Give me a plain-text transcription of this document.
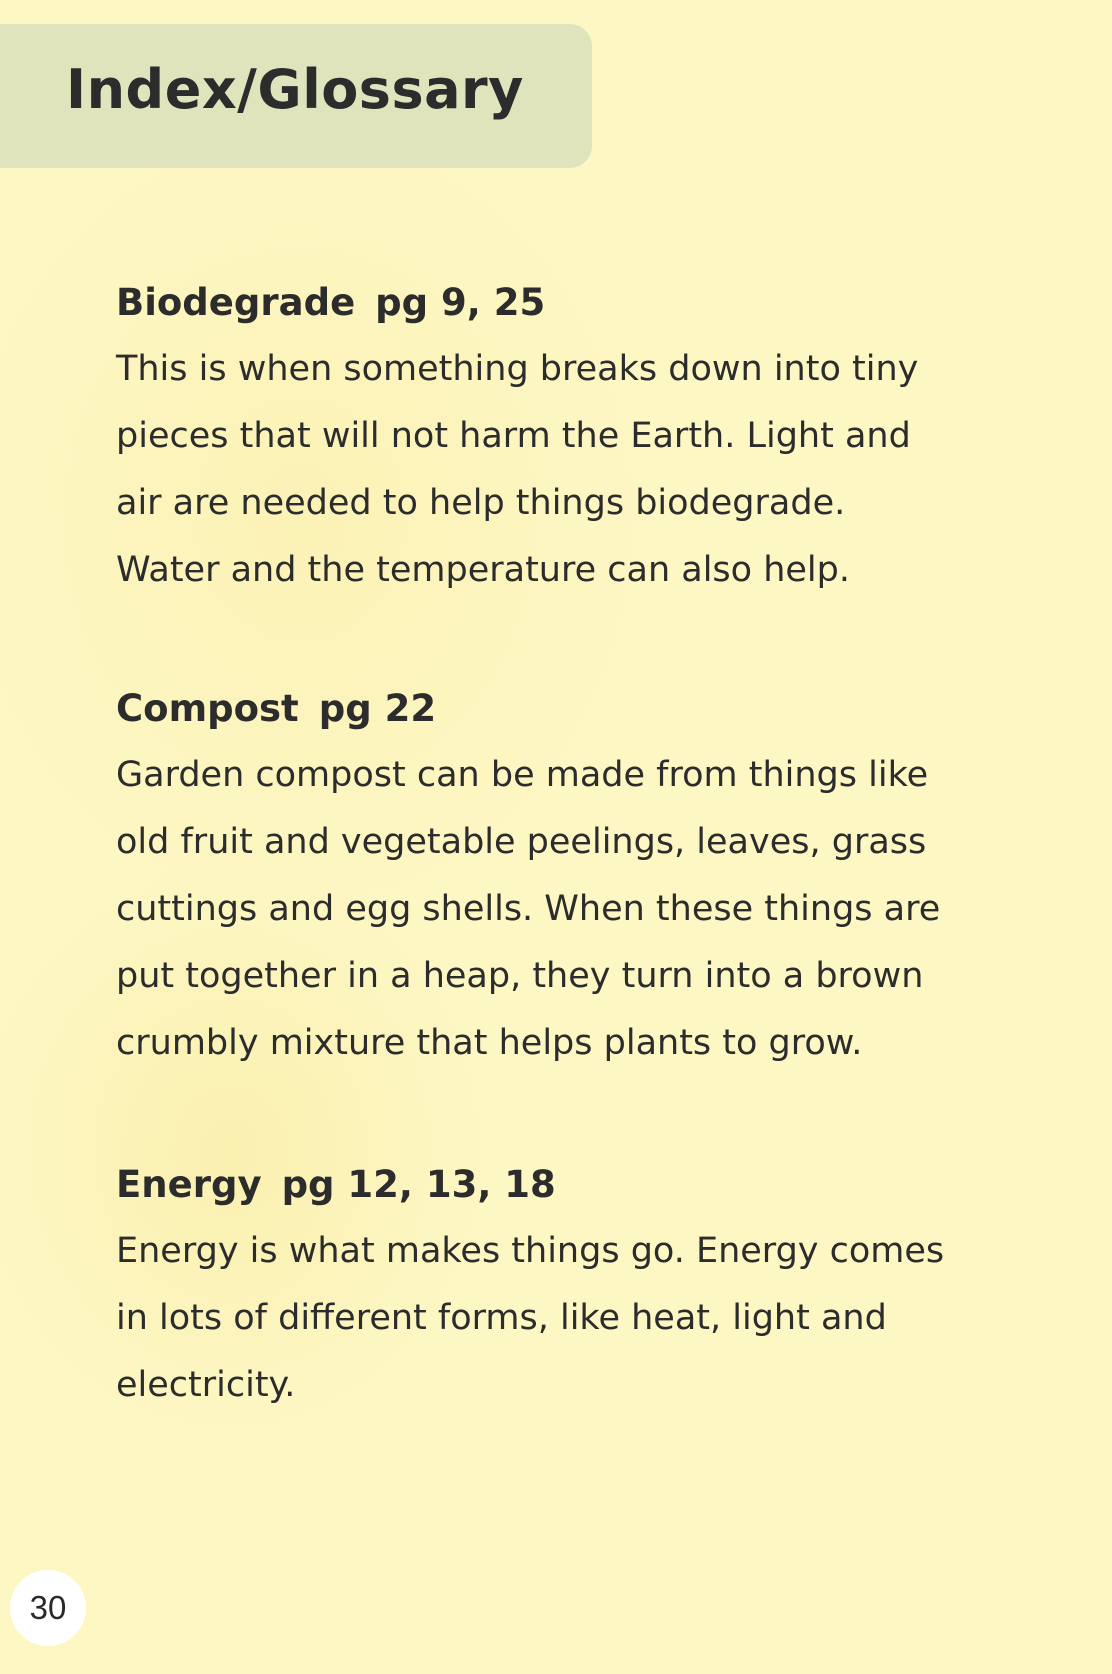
Index/Glossary
Biodegrade pg 9, 25
This is when something breaks down into tiny
pieces that will not harm the Earth. Light and
air are needed to help things biodegrade.
Water and the temperature can also help.
Compost pg 22
Garden compost can be made from things like
old fruit and vegetable peelings, leaves, grass
cuttings and egg shells. When these things are
put together in a heap, they turn into a brown
crumbly mixture that helps plants to grow.
Energy pg 12, 13, 18
Energy is what makes things go. Energy comes
in lots of different forms, like heat, light and
electricity.
30
